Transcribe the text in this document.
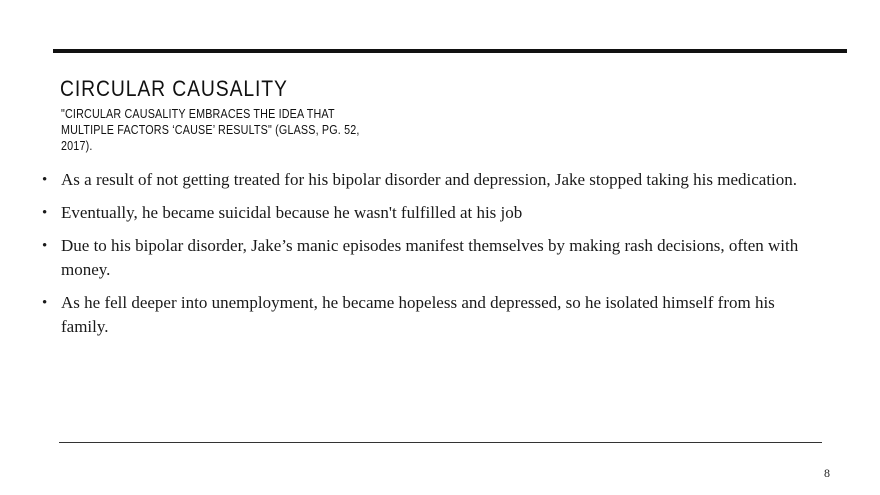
CIRCULAR CAUSALITY

"CIRCULAR CAUSALITY EMBRACES THE IDEA THAT MULTIPLE FACTORS ‘CAUSE’ RESULTS" (GLASS, PG. 52, 2017).

• As a result of not getting treated for his bipolar disorder and depression, Jake stopped taking his medication.
• Eventually, he became suicidal because he wasn't fulfilled at his job
• Due to his bipolar disorder, Jake’s manic episodes manifest themselves by making rash decisions, often with money.
• As he fell deeper into unemployment, he became hopeless and depressed, so he isolated himself from his family.
8
